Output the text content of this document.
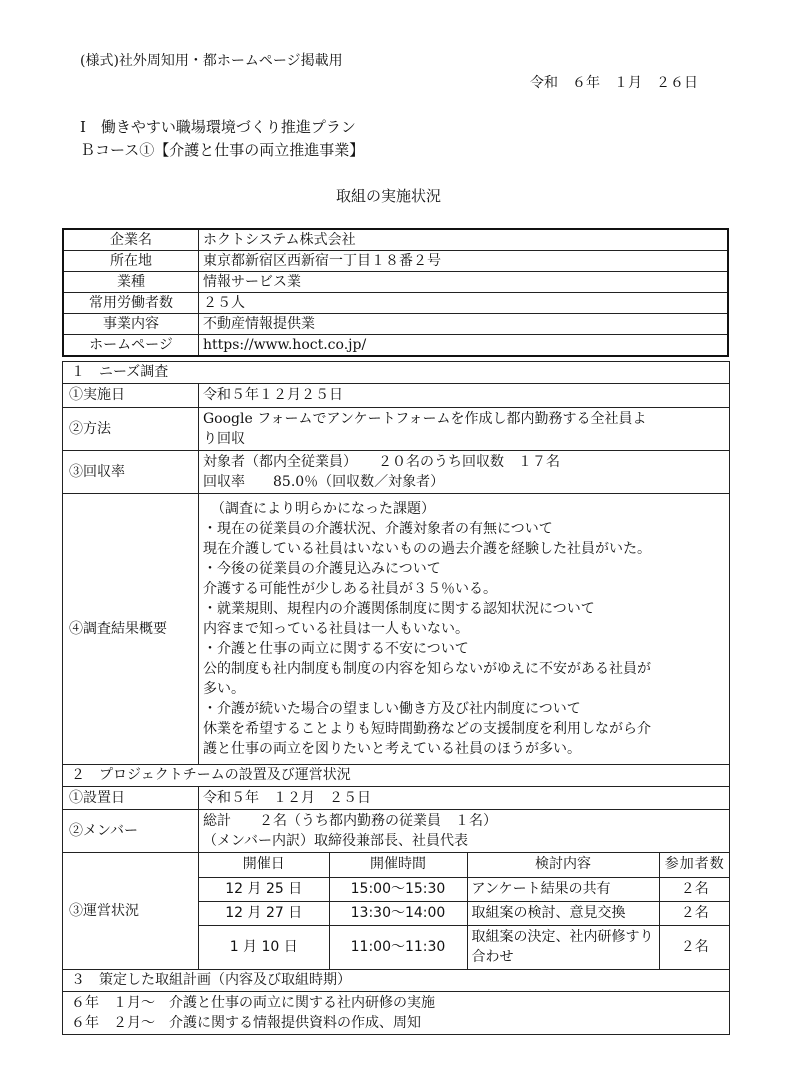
(様式)社外周知用・都ホームページ掲載用
令和　６年　１月　２６日
Ⅰ　働きやすい職場環境づくり推進プラン
Ｂコース①【介護と仕事の両立推進事業】
取組の実施状況
企業名	ホクトシステム株式会社
所在地	東京都新宿区西新宿一丁目１８番２号
業種	情報サービス業
常用労働者数	２５人
事業内容	不動産情報提供業
ホームページ	https://www.hoct.co.jp/
１　ニーズ調査
①実施日	令和５年１２月２５日
②方法	
Google フォームでアンケートフォームを作成し都内勤務する全社員よ
り回収

③回収率	
対象者（都内全従業員）　　２０名のうち回収数　１７名
回収率　　85.0％（回収数／対象者）

④調査結果概要	
（調査により明らかになった課題）
・現在の従業員の介護状況、介護対象者の有無について
現在介護している社員はいないものの過去介護を経験した社員がいた。
・今後の従業員の介護見込みについて
介護する可能性が少しある社員が３５％いる。
・就業規則、規程内の介護関係制度に関する認知状況について
内容まで知っている社員は一人もいない。
・介護と仕事の両立に関する不安について
公的制度も社内制度も制度の内容を知らないがゆえに不安がある社員が
多い。
・介護が続いた場合の望ましい働き方及び社内制度について
休業を希望することよりも短時間勤務などの支援制度を利用しながら介
護と仕事の両立を図りたいと考えている社員のほうが多い。

２　プロジェクトチームの設置及び運営状況
①設置日	令和５年　１２月　２５日
②メンバー	
総計　　２名（うち都内勤務の従業員　１名）
（メンバー内訳）取締役兼部長、社員代表

③運営状況	
開催日	開催時間	検討内容	参加者数
12 月 25 日	15:00～15:30	アンケート結果の共有	２名
12 月 27 日	13:30～14:00	取組案の検討、意見交換	２名
1 月 10 日	11:00～11:30	取組案の決定、社内研修すり合わせ	２名

３　策定した取組計画（内容及び取組時期）

６年　１月～　介護と仕事の両立に関する社内研修の実施
６年　２月～　介護に関する情報提供資料の作成、周知
